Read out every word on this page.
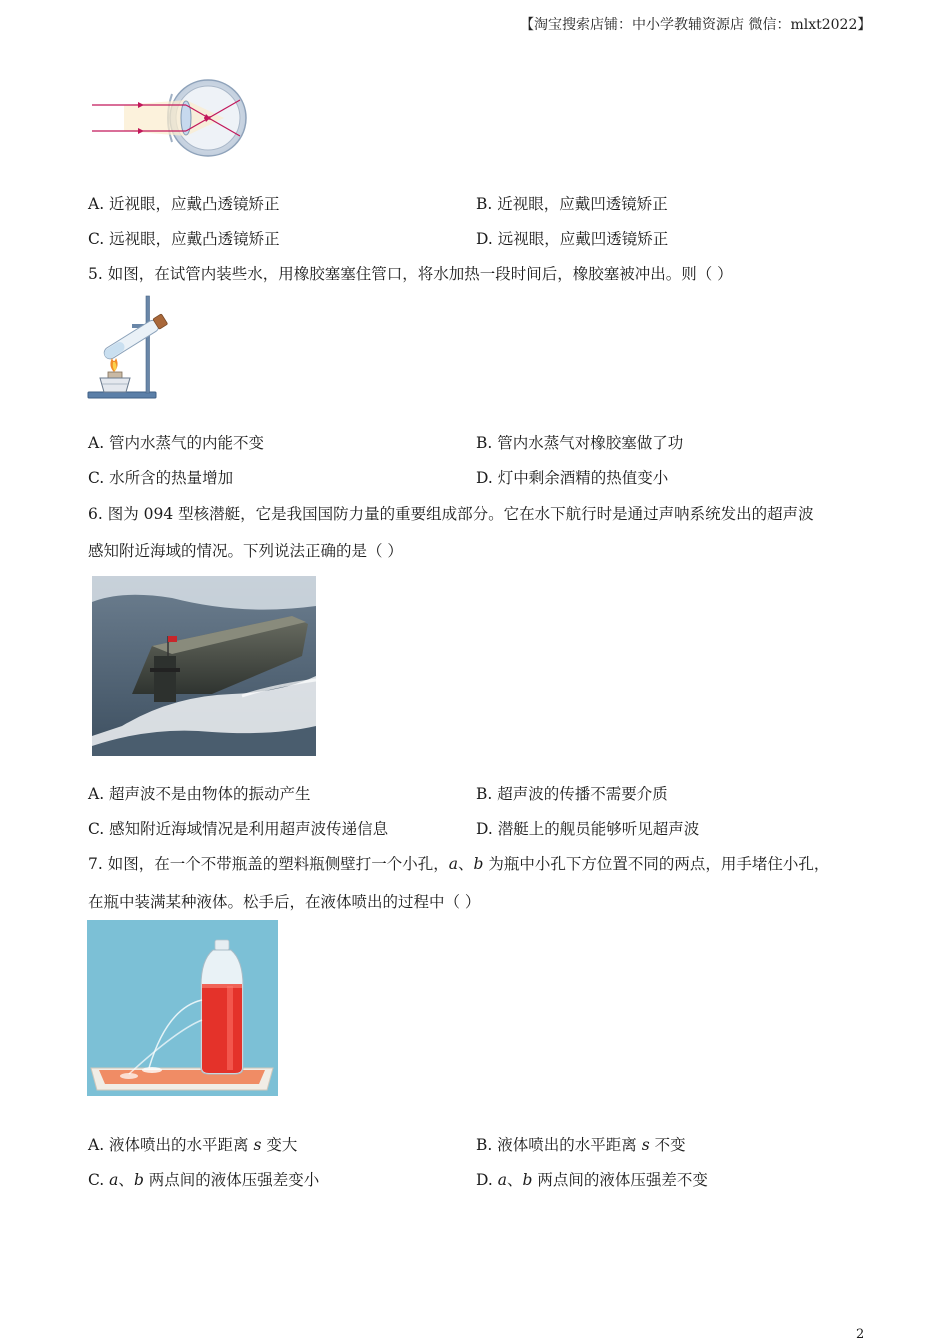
【淘宝搜索店铺：中小学教辅资源店 微信：mlxt2022】
A. 近视眼，应戴凸透镜矫正	B. 近视眼，应戴凹透镜矫正
C. 远视眼，应戴凸透镜矫正	D. 远视眼，应戴凹透镜矫正
5. 如图，在试管内装些水，用橡胶塞塞住管口，将水加热一段时间后，橡胶塞被冲出。则（ ）
A. 管内水蒸气的内能不变	B. 管内水蒸气对橡胶塞做了功
C. 水所含的热量增加	D. 灯中剩余酒精的热值变小
6. 图为 094 型核潜艇，它是我国国防力量的重要组成部分。它在水下航行时是通过声呐系统发出的超声波
感知附近海域的情况。下列说法正确的是（ ）
A. 超声波不是由物体的振动产生	B. 超声波的传播不需要介质
C. 感知附近海域情况是利用超声波传递信息	D. 潜艇上的舰员能够听见超声波
7. 如图，在一个不带瓶盖的塑料瓶侧壁打一个小孔，a、b 为瓶中小孔下方位置不同的两点，用手堵住小孔，
在瓶中装满某种液体。松手后，在液体喷出的过程中（ ）
A. 液体喷出的水平距离 s 变大	B. 液体喷出的水平距离 s 不变
C. a、b 两点间的液体压强差变小	D. a、b 两点间的液体压强差不变
2
